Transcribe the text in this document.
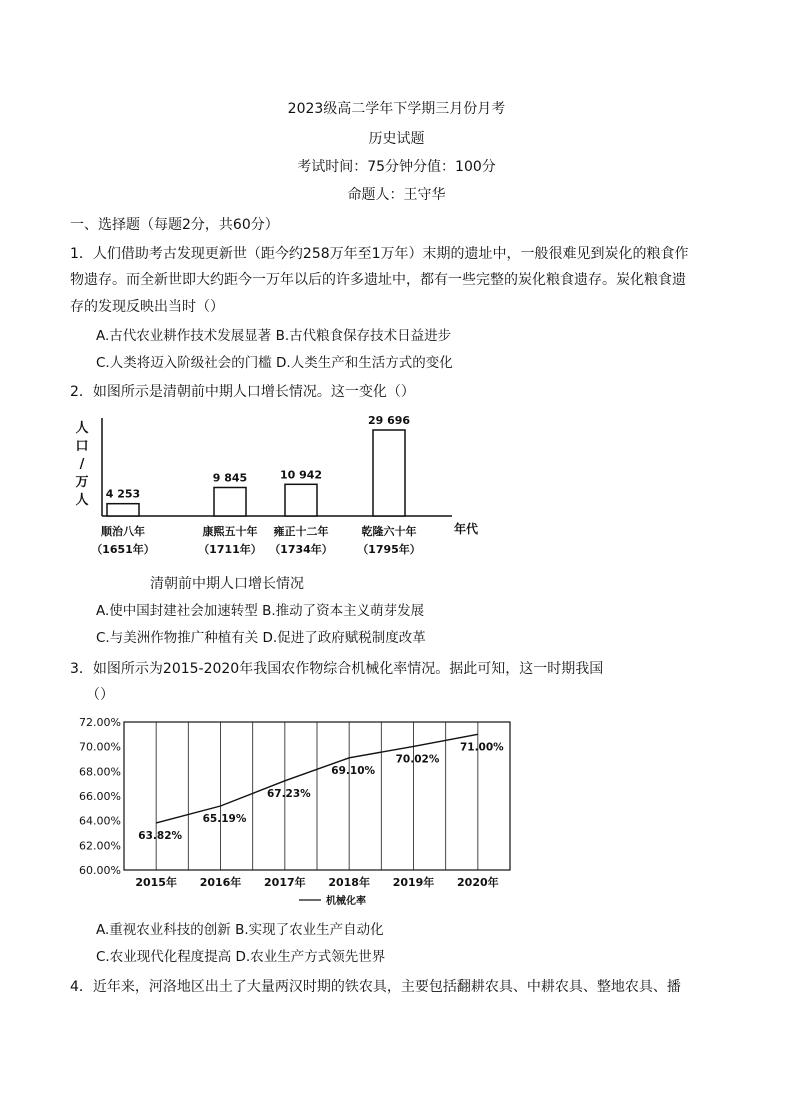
2023级高二学年下学期三月份月考
历史试题
考试时间：75分钟分值：100分
命题人：王守华
一、选择题（每题2分，共60分）
1．人们借助考古发现更新世（距今约258万年至1万年）末期的遗址中，一般很难见到炭化的粮食作
物遗存。而全新世即大约距今一万年以后的许多遗址中，都有一些完整的炭化粮食遗存。炭化粮食遗
存的发现反映出当时（）
A.古代农业耕作技术发展显著 B.古代粮食保存技术日益进步
C.人类将迈入阶级社会的门槛 D.人类生产和生活方式的变化
2．如图所示是清朝前中期人口增长情况。这一变化（）
人
口
/
万
人 4 253
顺治八年
（1651年）
9 845
康熙五十年
（1711年）
10 942
雍正十二年
（1734年）
29 696
乾隆六十年
（1795年）
年代
清朝前中期人口增长情况
A.使中国封建社会加速转型 B.推动了资本主义萌芽发展
C.与美洲作物推广种植有关 D.促进了政府赋税制度改革
3．如图所示为2015-2020年我国农作物综合机械化率情况。据此可知，这一时期我国
（）
72.00%
70.00%
68.00%
66.00%
64.00%
62.00%
60.00%
2015年 2016年 2017年 2018年 2019年 2020年
63.82%
65.19%
67.23%
69.10%
70.02%
71.00%
机械化率
A.重视农业科技的创新 B.实现了农业生产自动化
C.农业现代化程度提高 D.农业生产方式领先世界
4．近年来，河洛地区出土了大量两汉时期的铁农具，主要包括翻耕农具、中耕农具、整地农具、播
